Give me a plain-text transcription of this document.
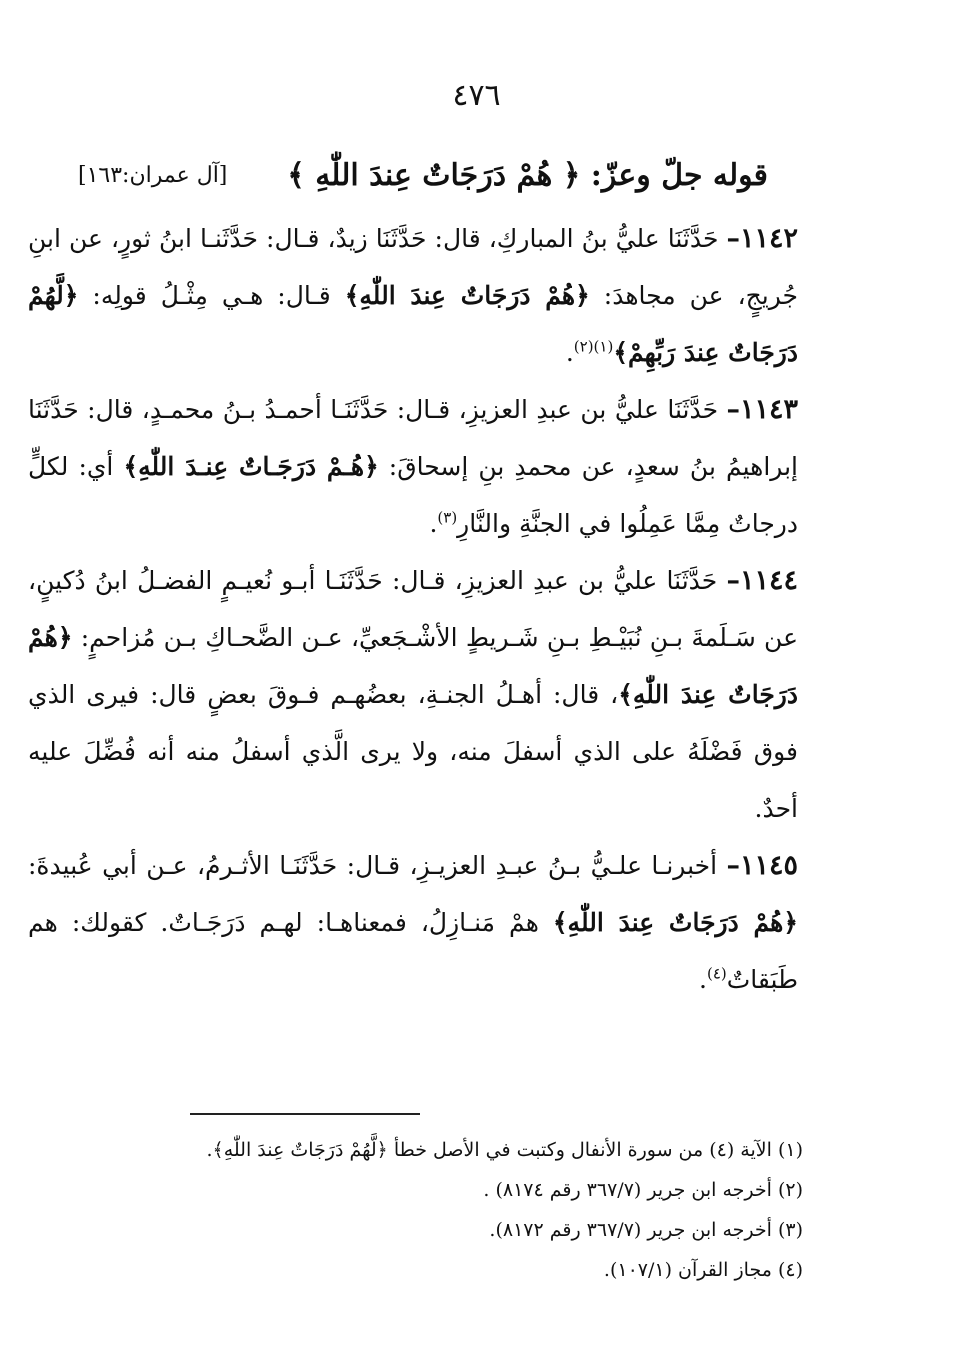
٤٧٦
قوله جلّ وعزّ: ﴿ هُمْ دَرَجَاتٌ عِندَ اللّٰهِ ﴾
[آل عمران:١٦٣]

١١٤٢– حَدَّثَنَا عليُّ بنُ المباركِ، قال: حَدَّثَنَا زيدٌ، قـال: حَدَّثَنـا ابنُ ثورٍ، عن ابنِ جُريجٍ، عن مجاهدَ: ﴿هُمْ دَرَجَاتٌ عِندَ اللّٰهِ﴾ قـال: هـي مِثْـلُ قولِه: ﴿لَّهُمْ دَرَجَاتٌ عِندَ رَبِّهِمْ﴾$^{(١)(٢)}$.

١١٤٣– حَدَّثَنَا عليُّ بن عبدِ العزيزِ، قـال: حَدَّثَنَـا أحمـدُ بـنُ محمـدٍ، قال: حَدَّثَنَا إبراهيمُ بنُ سعدٍ، عن محمدِ بنِ إسحاقَ: ﴿هُـمْ دَرَجَـاتٌ عِنـدَ اللّٰهِ﴾ أي: لكلٍّ درجاتٌ مِمَّا عَمِلُوا في الجنَّةِ والنَّارِ$^{(٣)}$.

١١٤٤– حَدَّثَنَا عليُّ بن عبدِ العزيزِ، قـال: حَدَّثَنَـا أبـو نُعيـمٍ الفضـلُ ابنُ دُكينٍ، عن سَـلَمةَ بـنِ نُبَيْـطِ بـنِ شَـريطٍ الأشْـجَعيِّ، عـن الضَّحـاكِ بـن مُزاحمٍ: ﴿هُمْ دَرَجَاتٌ عِندَ اللّٰهِ﴾، قال: أهـلُ الجنـةِ، بعضُهـم فـوقَ بعضٍ قال: فيرى الذي فوق فَضْلَهُ على الذي أسفلَ منه، ولا يرى الَّذي أسفلُ منه أنه فُضِّلَ عليه أحدٌ.

١١٤٥– أخبرنـا علـيُّ بـنُ عبـدِ العزيـزِ، قـال: حَدَّثَنَـا الأثـرمُ، عـن أبي عُبيدةَ: ﴿هُمْ دَرَجَاتٌ عِندَ اللّٰهِ﴾ همْ مَنـازِلُ، فمعناهـا: لهـم دَرَجَـاتٌ. كقولك: هم طَبَقاتٌ$^{(٤)}$.

(١) الآية (٤) من سورة الأنفال وكتبت في الأصل خطأ ﴿لَّهُمْ دَرَجَاتٌ عِندَ اللّٰهِ﴾.

(٢) أخرجه ابن جرير (٣٦٧/٧ رقم ٨١٧٤) .

(٣) أخرجه ابن جرير (٣٦٧/٧ رقم ٨١٧٢).

(٤) مجاز القرآن (١٠٧/١).
